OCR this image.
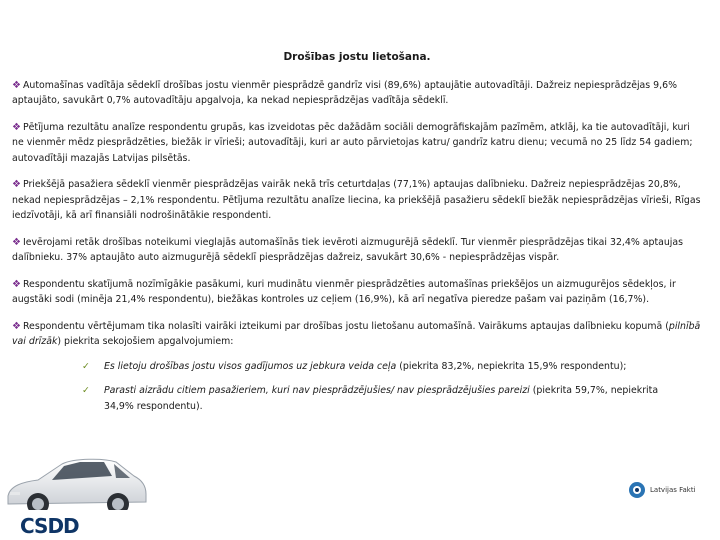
Drošības jostu lietošana.

❖ Automašīnas vadītāja sēdeklī drošības jostu vienmēr piesprādzē gandrīz visi (89,6%) aptaujātie autovadītāji. Dažreiz nepiesprādzējas 9,6% aptaujāto, savukārt 0,7% autovadītāju apgalvoja, ka nekad nepiesprādzējas vadītāja sēdeklī.

❖ Pētījuma rezultātu analīze respondentu grupās, kas izveidotas pēc dažādām sociāli demogrāfiskajām pazīmēm, atklāj, ka tie autovadītāji, kuri ne vienmēr mēdz piesprādzēties, biežāk ir vīrieši; autovadītāji, kuri ar auto pārvietojas katru/ gandrīz katru dienu; vecumā no 25 līdz 54 gadiem; autovadītāji mazajās Latvijas pilsētās.

❖ Priekšējā pasažiera sēdeklī vienmēr piesprādzējas vairāk nekā trīs ceturtdaļas (77,1%) aptaujas dalībnieku. Dažreiz nepiesprādzējas 20,8%, nekad nepiesprādzējas – 2,1% respondentu. Pētījuma rezultātu analīze liecina, ka priekšējā pasažieru sēdeklī biežāk nepiesprādzējas vīrieši, Rīgas iedzīvotāji, kā arī finansiāli nodrošinātākie respondenti.

❖ Ievērojami retāk drošības noteikumi vieglajās automašīnās tiek ievēroti aizmugurējā sēdeklī. Tur vienmēr piesprādzējas tikai 32,4% aptaujas dalībnieku. 37% aptaujāto auto aizmugurējā sēdeklī piesprādzējas dažreiz, savukārt 30,6% - nepiesprādzējas vispār.

❖ Respondentu skatījumā nozīmīgākie pasākumi, kuri mudinātu vienmēr piesprādzēties automašīnas priekšējos un aizmugurējos sēdekļos, ir augstāki sodi (minēja 21,4% respondentu), biežākas kontroles uz ceļiem (16,9%), kā arī negatīva pieredze pašam vai paziņām (16,7%).

❖ Respondentu vērtējumam tika nolasīti vairāki izteikumi par drošības jostu lietošanu automašīnā. Vairākums aptaujas dalībnieku kopumā (pilnībā vai drīzāk) piekrita sekojošiem apgalvojumiem:

✓	Es lietoju drošības jostu visos gadījumos uz jebkura veida ceļa (piekrita 83,2%, nepiekrita 15,9% respondentu);
✓	Parasti aizrādu citiem pasažieriem, kuri nav piesprādzējušies/ nav piesprādzējušies pareizi (piekrita 59,7%, nepiekrita 34,9% respondentu).
CSDD
Latvijas Fakti
